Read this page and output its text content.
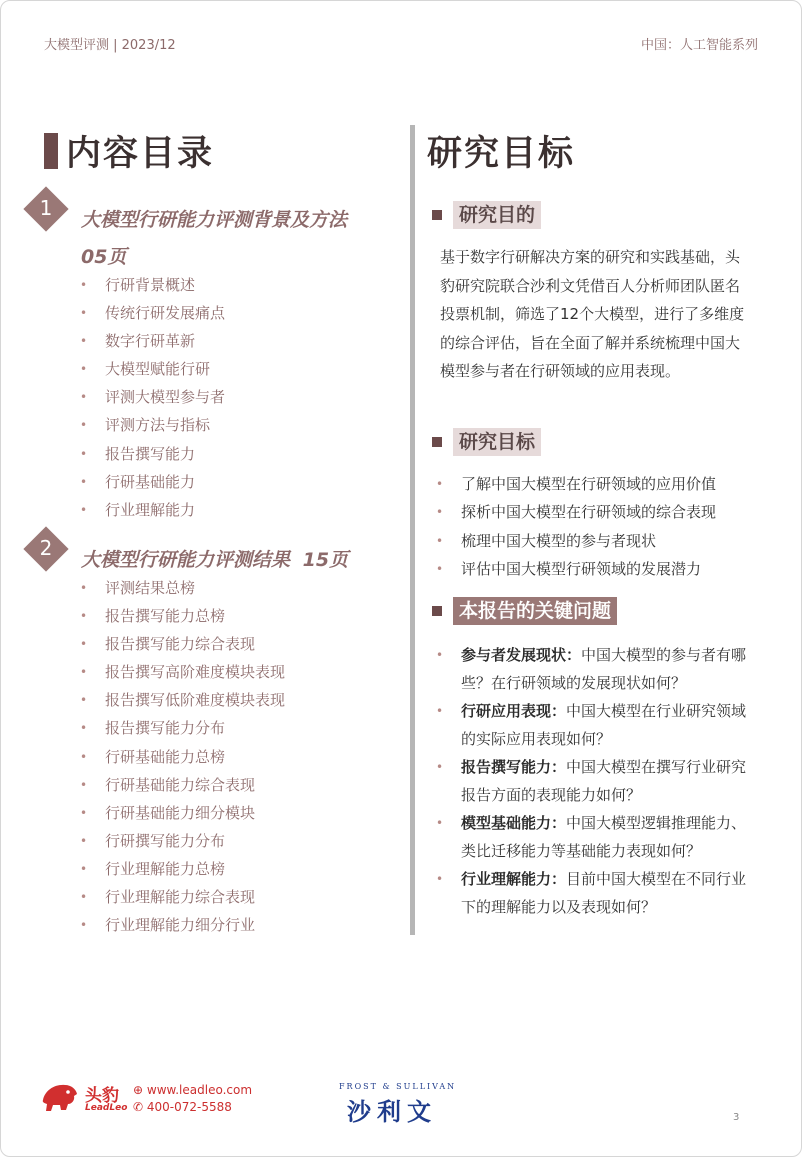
大模型评测 | 2023/12	中国：人工智能系列
内容目录
1	大模型行研能力评测背景及方法
05页
• 行研背景概述
• 传统行研发展痛点
• 数字行研革新
• 大模型赋能行研
• 评测大模型参与者
• 评测方法与指标
• 报告撰写能力
• 行研基础能力
• 行业理解能力
2	大模型行研能力评测结果 15页
• 评测结果总榜
• 报告撰写能力总榜
• 报告撰写能力综合表现
• 报告撰写高阶难度模块表现
• 报告撰写低阶难度模块表现
• 报告撰写能力分布
• 行研基础能力总榜
• 行研基础能力综合表现
• 行研基础能力细分模块
• 行研撰写能力分布
• 行业理解能力总榜
• 行业理解能力综合表现
• 行业理解能力细分行业
研究目标
研究目的
基于数字行研解决方案的研究和实践基础，头豹研究院联合沙利文凭借百人分析师团队匿名投票机制，筛选了12个大模型，进行了多维度的综合评估，旨在全面了解并系统梳理中国大模型参与者在行研领域的应用表现。
研究目标
• 了解中国大模型在行研领域的应用价值
• 探析中国大模型在行研领域的综合表现
• 梳理中国大模型的参与者现状
• 评估中国大模型行研领域的发展潜力
本报告的关键问题
• 参与者发展现状：中国大模型的参与者有哪些？在行研领域的发展现状如何？
• 行研应用表现：中国大模型在行业研究领域的实际应用表现如何？
• 报告撰写能力：中国大模型在撰写行业研究报告方面的表现能力如何？
• 模型基础能力：中国大模型逻辑推理能力、类比迁移能力等基础能力表现如何？
• 行业理解能力：目前中国大模型在不同行业下的理解能力以及表现如何？
头豹
LeadLeo
⊕ www.leadleo.com
✆ 400-072-5588
FROST & SULLIVAN
沙利文	3
